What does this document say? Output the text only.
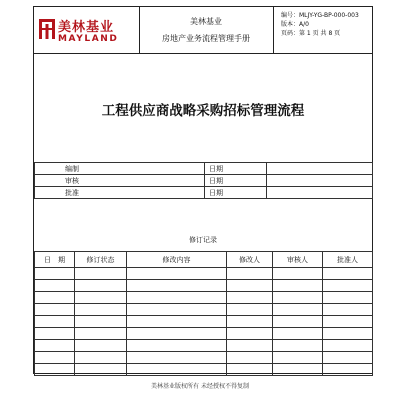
美林基业
MAYLAND
美林基业
房地产业务流程管理手册
编号：MLJY-YG-BP-000-003
版本：A/0
页码：第 1 页 共 8 页
工程供应商战略采购招标管理流程
编制	日期	
审核	日期	
批准	日期	
修订记录
日　期	修订状态	修改内容	修改人	审核人	批准人

美林基业版权所有 未经授权不得复制
